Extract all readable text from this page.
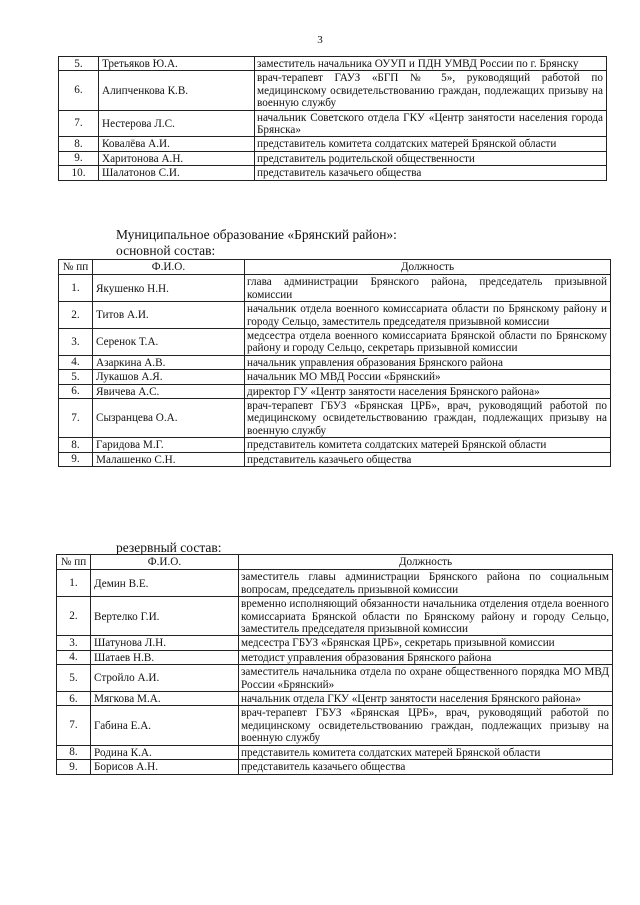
3
5.	Третьяков Ю.А.	заместитель начальника ОУУП и ПДН УМВД России по г. Брянску
6.	Алипченкова К.В.	врач-терапевт ГАУЗ «БГП № 5», руководящий работой по медицинскому освидетельствованию граждан, подлежащих призыву на военную службу
7.	Нестерова Л.С.	начальник Советского отдела ГКУ «Центр занятости населения города Брянска»
8.	Ковалёва А.И.	представитель комитета солдатских матерей Брянской области
9.	Харитонова А.Н.	представитель родительской общественности
10.	Шалатонов С.И.	представитель казачьего общества
Муниципальное образование «Брянский район»:
основной состав:
№ пп	Ф.И.О.	Должность
1.	Якушенко Н.Н.	глава администрации Брянского района, председатель призывной комиссии
2.	Титов А.И.	начальник отдела военного комиссариата области по Брянскому району и городу Сельцо, заместитель председателя призывной комиссии
3.	Серенок Т.А.	медсестра отдела военного комиссариата Брянской области по Брянскому району и городу Сельцо, секретарь призывной комиссии
4.	Азаркина А.В.	начальник управления образования Брянского района
5.	Лукашов А.Я.	начальник МО МВД России «Брянский»
6.	Явичева А.С.	директор ГУ «Центр занятости населения Брянского района»
7.	Сызранцева О.А.	врач-терапевт ГБУЗ «Брянская ЦРБ», врач, руководящий работой по медицинскому освидетельствованию граждан, подлежащих призыву на военную службу
8.	Гаридова М.Г.	представитель комитета солдатских матерей Брянской области
9.	Малашенко С.Н.	представитель казачьего общества
резервный состав:
№ пп	Ф.И.О.	Должность
1.	Демин В.Е.	заместитель главы администрации Брянского района по социальным вопросам, председатель призывной комиссии
2.	Вертелко Г.И.	временно исполняющий обязанности начальника отделения отдела военного комиссариата Брянской области по Брянскому району и городу Сельцо, заместитель председателя призывной комиссии
3.	Шатунова Л.Н.	медсестра ГБУЗ «Брянская ЦРБ», секретарь призывной комиссии
4.	Шатаев Н.В.	методист управления образования Брянского района
5.	Стройло А.И.	заместитель начальника отдела по охране общественного порядка МО МВД России «Брянский»
6.	Мягкова М.А.	начальник отдела ГКУ «Центр занятости населения Брянского района»
7.	Габина Е.А.	врач-терапевт ГБУЗ «Брянская ЦРБ», врач, руководящий работой по медицинскому освидетельствованию граждан, подлежащих призыву на военную службу
8.	Родина К.А.	представитель комитета солдатских матерей Брянской области
9.	Борисов А.Н.	представитель казачьего общества
